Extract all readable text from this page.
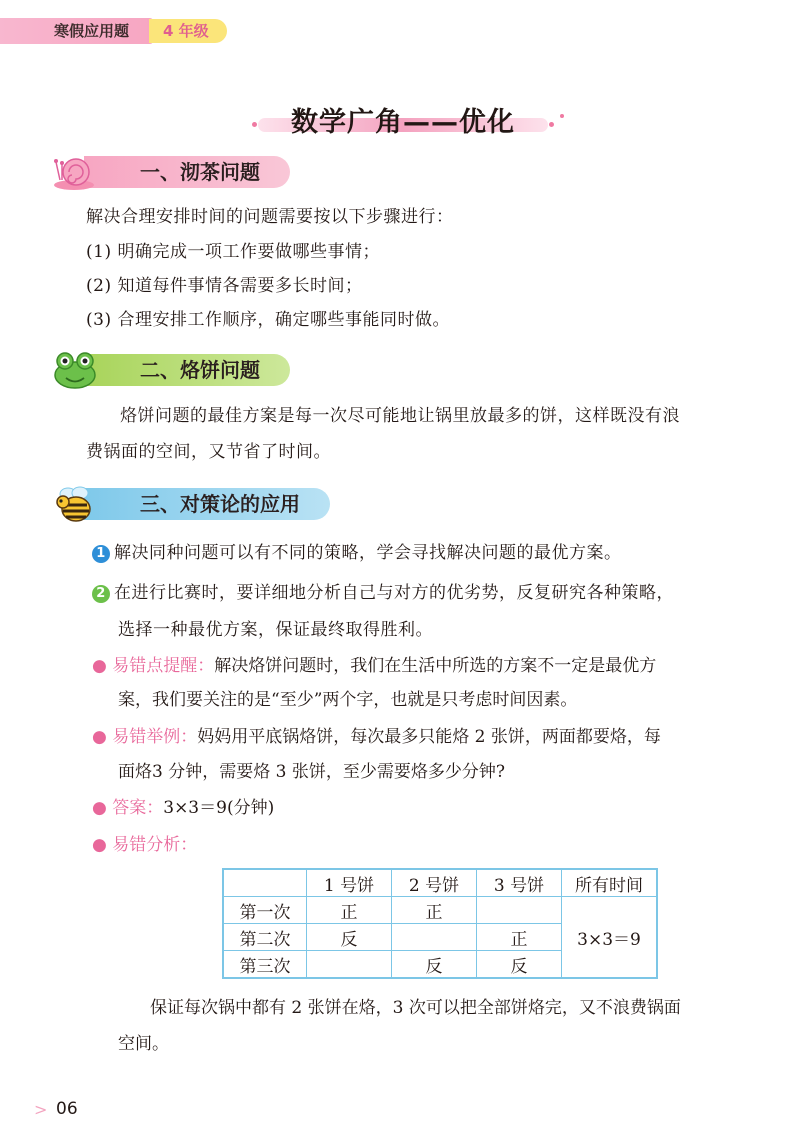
寒假应用题	4 年级
数学广角——优化
一、沏茶问题
解决合理安排时间的问题需要按以下步骤进行：
(1) 明确完成一项工作要做哪些事情；
(2) 知道每件事情各需要多长时间；
(3) 合理安排工作顺序，确定哪些事能同时做。
二、烙饼问题
烙饼问题的最佳方案是每一次尽可能地让锅里放最多的饼，这样既没有浪
费锅面的空间，又节省了时间。
三、对策论的应用
1 解决同种问题可以有不同的策略，学会寻找解决问题的最优方案。
2 在进行比赛时，要详细地分析自己与对方的优劣势，反复研究各种策略，
选择一种最优方案，保证最终取得胜利。
● 易错点提醒：解决烙饼问题时，我们在生活中所选的方案不一定是最优方
案，我们要关注的是“至少”两个字，也就是只考虑时间因素。
● 易错举例：妈妈用平底锅烙饼，每次最多只能烙 2 张饼，两面都要烙，每
面烙3 分钟，需要烙 3 张饼，至少需要烙多少分钟?
● 答案：3×3＝9(分钟)
● 易错分析：
	1 号饼	2 号饼	3 号饼	所有时间
第一次	正	正		3×3＝9
第二次	反		正	
第三次		反	反	
保证每次锅中都有 2 张饼在烙，3 次可以把全部饼烙完，又不浪费锅面
空间。
> 06
